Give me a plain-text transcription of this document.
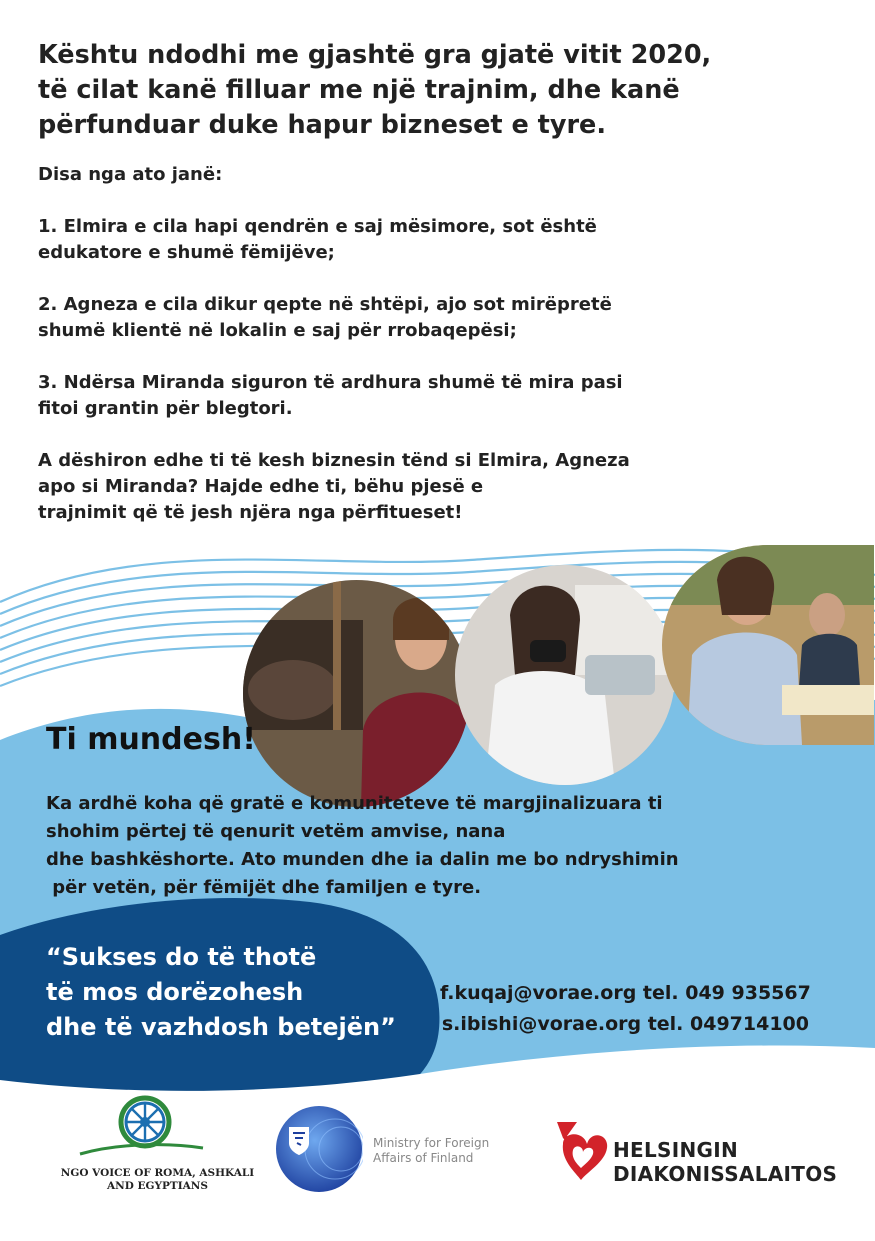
Kështu ndodhi me gjashtë gra gjatë vitit 2020,
të cilat kanë filluar me një trajnim, dhe kanë
përfunduar duke hapur bizneset e tyre.

Disa nga ato janë:

1. Elmira e cila hapi qendrën e saj mësimore, sot është
edukatore e shumë fëmijëve;

2. Agneza e cila dikur qepte në shtëpi, ajo sot mirëpretë
shumë klientë në lokalin e saj për rrobaqepësi;

3. Ndërsa Miranda siguron të ardhura shumë të mira pasi
fitoi grantin për blegtori.

A dëshiron edhe ti të kesh biznesin tënd si Elmira, Agneza
apo si Miranda? Hajde edhe ti, bëhu pjesë e
trajnimit që të jesh njëra nga përfitueset!

Ti mundesh!
Ka ardhë koha që gratë e komuniteteve të margjinalizuara ti
shohim përtej të qenurit vetëm amvise, nana
dhe bashkëshorte. Ato munden dhe ia dalin me bo ndryshimin
për vetën, për fëmijët dhe familjen e tyre.
“Sukses do të thotë
të mos dorëzohesh
dhe të vazhdosh betejën”
f.kuqaj@vorae.org tel. 049 935567
s.ibishi@vorae.org tel. 049714100
NGO VOICE OF ROMA, ASHKALI
AND EGYPTIANS
Ministry for Foreign
Affairs of Finland	HELSINGIN
DIAKONISSALAITOS
